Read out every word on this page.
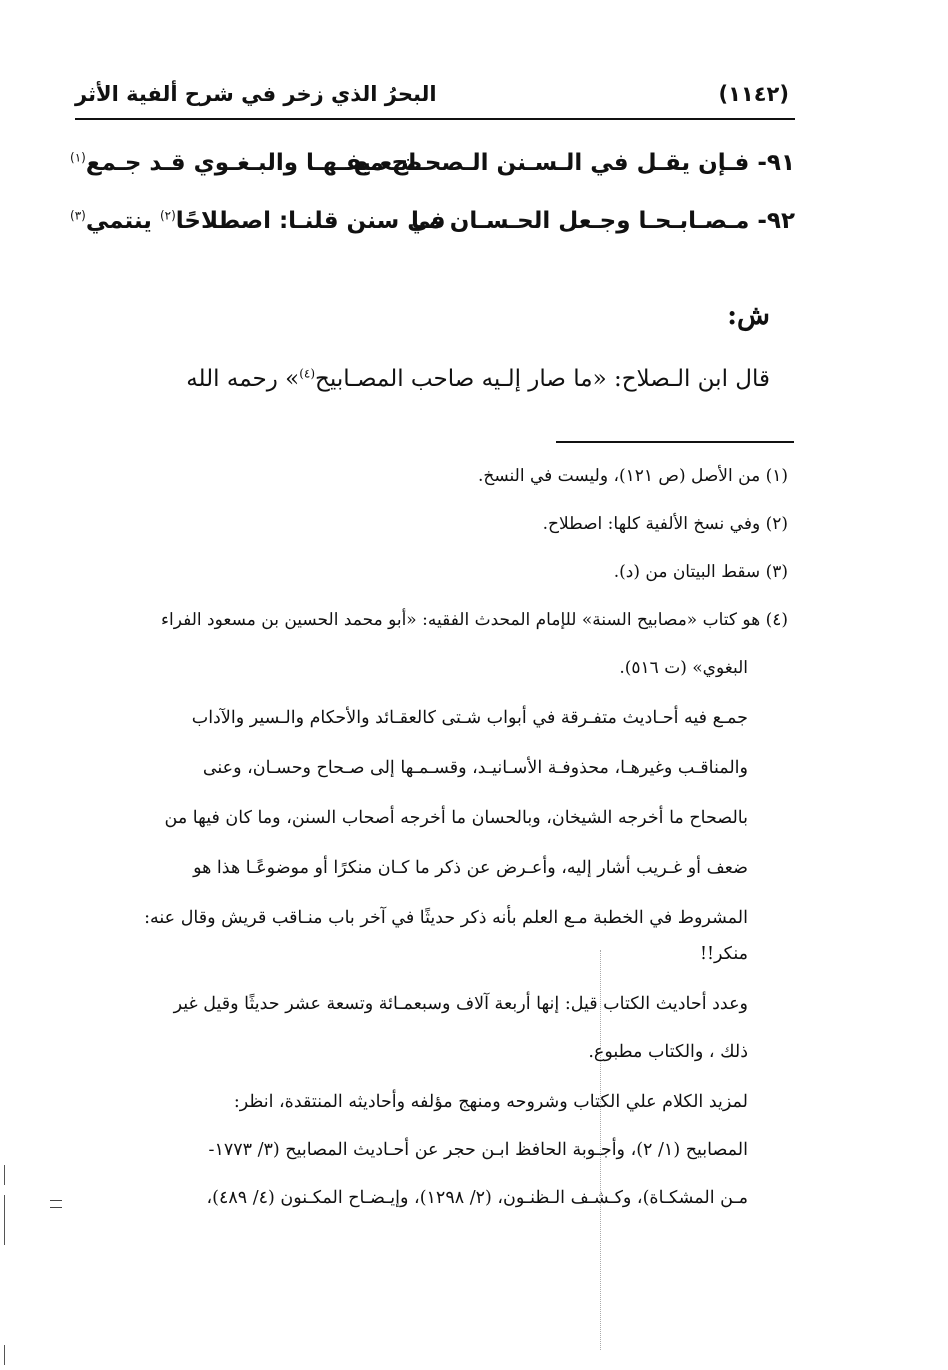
البحرُ الذي زخر في شرح ألفية الأثر	(١١٤٢)
٩١- فـإن يقـل في الـسـنن الـصحـاح مع
ضـعـيفـهـا والبـغـوي قـد جـمع$^{(١)}$
٩٢- مـصـابـحـا وجـعل الحـسـان مـا
في سنن قلنـا: اصطلاحًا$^{(٢)}$ ينتمي$^{(٣)}$
ش:
قال ابن الـصلاح: «ما صار إلـيه صاحب المصـابيح$^{(٤)}$» رحمه الله
(١) من الأصل (ص ١٢١)، وليست في النسخ.
(٢) وفي نسخ الألفية كلها: اصطلاح.
(٣) سقط البيتان من (د).
(٤) هو كتاب «مصابيح السنة» للإمام المحدث الفقيه: «أبو محمد الحسين بن مسعود الفراء
البغوي» (ت ٥١٦).
جمـع فيه أحـاديث متفـرقة في أبواب شـتى كالعقـائد والأحكام والـسير والآداب
والمناقـب وغيرهـا، محذوفـة الأسـانيـد، وقسـمـها إلى صـحاح وحسـان، وعنى
بالصحاح ما أخرجه الشيخان، وبالحسان ما أخرجه أصحاب السنن، وما كان فيها من
ضعف أو غـريب أشار إليه، وأعـرض عن ذكر ما كـان منكرًا أو موضوعًـا هذا هو
المشروط في الخطبة مـع العلم بأنه ذكر حديثًا في آخر باب منـاقب قريش وقال عنه:
منكر!!
وعدد أحاديث الكتاب قيل: إنها أربعة آلاف وسبعمـائة وتسعة عشر حديثًا وقيل غير
ذلك ، والكتاب مطبوع.
لمزيد الكلام علي الكتاب وشروحه ومنهج مؤلفه وأحاديثه المنتقدة، انظر:
المصابيح (١/ ٢)، وأجـوبة الحافظ ابـن حجر عن أحـاديث المصابيح (٣/ ١٧٧٣-
مـن المشكـاة)، وكـشـف الـظنـون، (٢/ ١٢٩٨)، وإيـضـاح المكـنون (٤/ ٤٨٩)،
